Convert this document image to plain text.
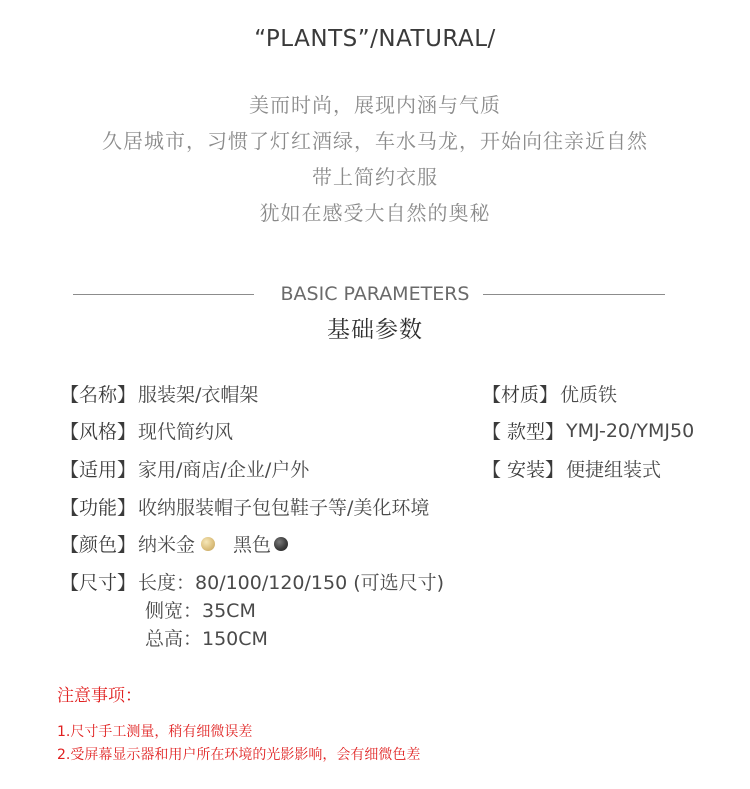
“PLANTS”/NATURAL/
美而时尚，展现内涵与气质
久居城市，习惯了灯红酒绿，车水马龙，开始向往亲近自然
带上简约衣服
犹如在感受大自然的奥秘
BASIC PARAMETERS
基础参数
【名称】 服装架/衣帽架
【风格】 现代简约风
【适用】 家用/商店/企业/户外
【功能】 收纳服装帽子包包鞋子等/美化环境
【颜色】 纳米金 黑色
【尺寸】 长度：80/100/120/150 (可选尺寸)
侧宽：35CM
总高：150CM
【材质】 优质铁
【 款型】 YMJ-20/YMJ50
【 安装】 便捷组装式
注意事项：
1.尺寸手工测量，稍有细微误差
2.受屏幕显示器和用户所在环境的光影影响，会有细微色差
